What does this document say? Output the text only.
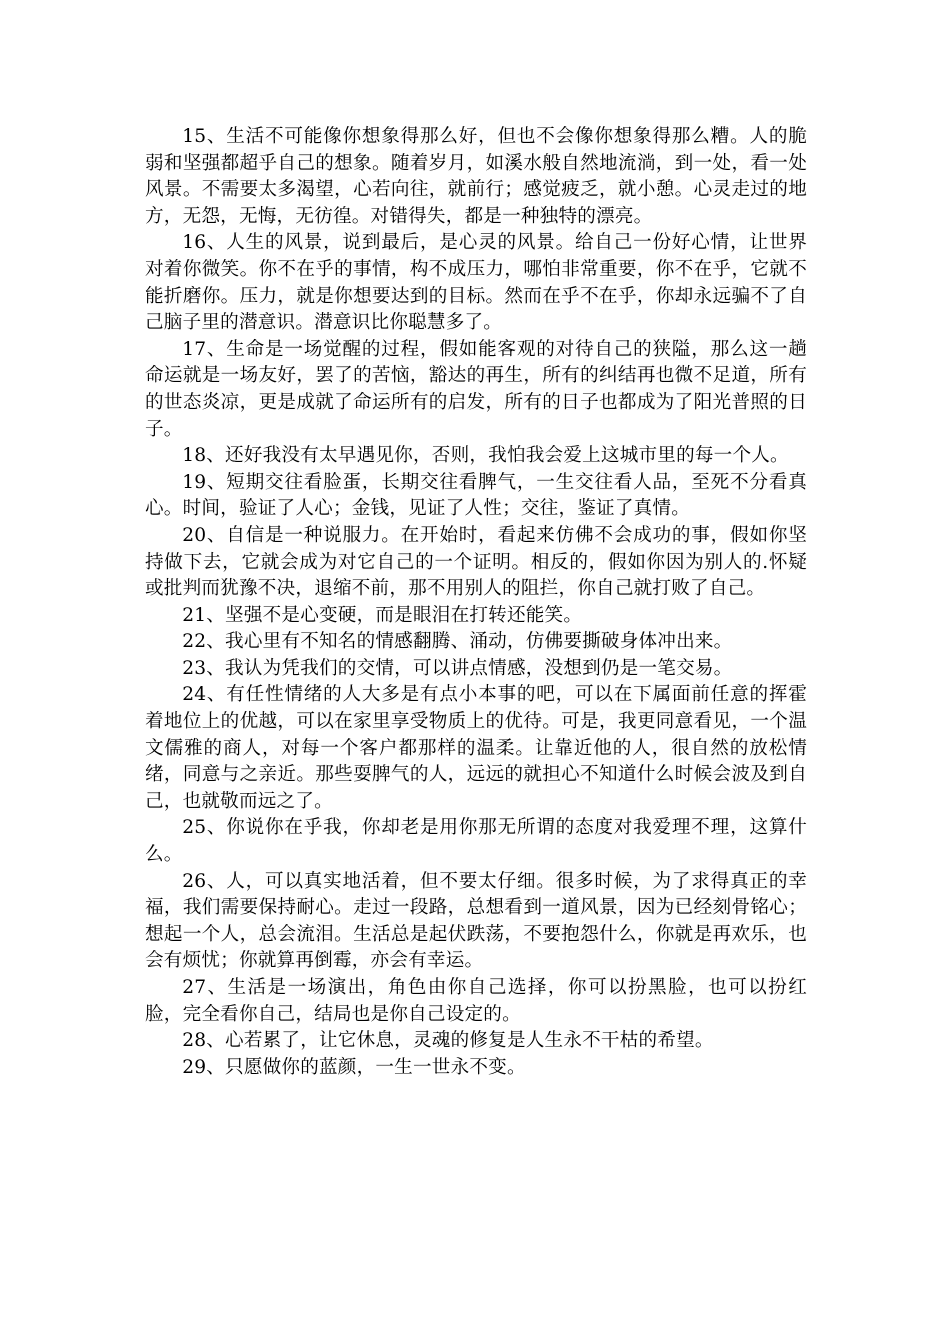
15、生活不可能像你想象得那么好，但也不会像你想象得那么糟。人的脆弱和坚强都超乎自己的想象。随着岁月，如溪水般自然地流淌，到一处，看一处风景。不需要太多渴望，心若向往，就前行；感觉疲乏，就小憩。心灵走过的地方，无怨，无悔，无彷徨。对错得失，都是一种独特的漂亮。

16、人生的风景，说到最后，是心灵的风景。给自己一份好心情，让世界对着你微笑。你不在乎的事情，构不成压力，哪怕非常重要，你不在乎，它就不能折磨你。压力，就是你想要达到的目标。然而在乎不在乎，你却永远骗不了自己脑子里的潜意识。潜意识比你聪慧多了。

17、生命是一场觉醒的过程，假如能客观的对待自己的狭隘，那么这一趟命运就是一场友好，罢了的苦恼，豁达的再生，所有的纠结再也微不足道，所有的世态炎凉，更是成就了命运所有的启发，所有的日子也都成为了阳光普照的日子。

18、还好我没有太早遇见你，否则，我怕我会爱上这城市里的每一个人。

19、短期交往看脸蛋，长期交往看脾气，一生交往看人品，至死不分看真心。时间，验证了人心；金钱，见证了人性；交往，鉴证了真情。

20、自信是一种说服力。在开始时，看起来仿佛不会成功的事，假如你坚持做下去，它就会成为对它自己的一个证明。相反的，假如你因为别人的.怀疑或批判而犹豫不决，退缩不前，那不用别人的阻拦，你自己就打败了自己。

21、坚强不是心变硬，而是眼泪在打转还能笑。

22、我心里有不知名的情感翻腾、涌动，仿佛要撕破身体冲出来。

23、我认为凭我们的交情，可以讲点情感，没想到仍是一笔交易。

24、有任性情绪的人大多是有点小本事的吧，可以在下属面前任意的挥霍着地位上的优越，可以在家里享受物质上的优待。可是，我更同意看见，一个温文儒雅的商人，对每一个客户都那样的温柔。让靠近他的人，很自然的放松情绪，同意与之亲近。那些耍脾气的人，远远的就担心不知道什么时候会波及到自己，也就敬而远之了。

25、你说你在乎我，你却老是用你那无所谓的态度对我爱理不理，这算什么。

26、人，可以真实地活着，但不要太仔细。很多时候，为了求得真正的幸福，我们需要保持耐心。走过一段路，总想看到一道风景，因为已经刻骨铭心；想起一个人，总会流泪。生活总是起伏跌荡，不要抱怨什么，你就是再欢乐，也会有烦忧；你就算再倒霉，亦会有幸运。

27、生活是一场演出，角色由你自己选择，你可以扮黑脸，也可以扮红脸，完全看你自己，结局也是你自己设定的。

28、心若累了，让它休息，灵魂的修复是人生永不干枯的希望。

29、只愿做你的蓝颜，一生一世永不变。
